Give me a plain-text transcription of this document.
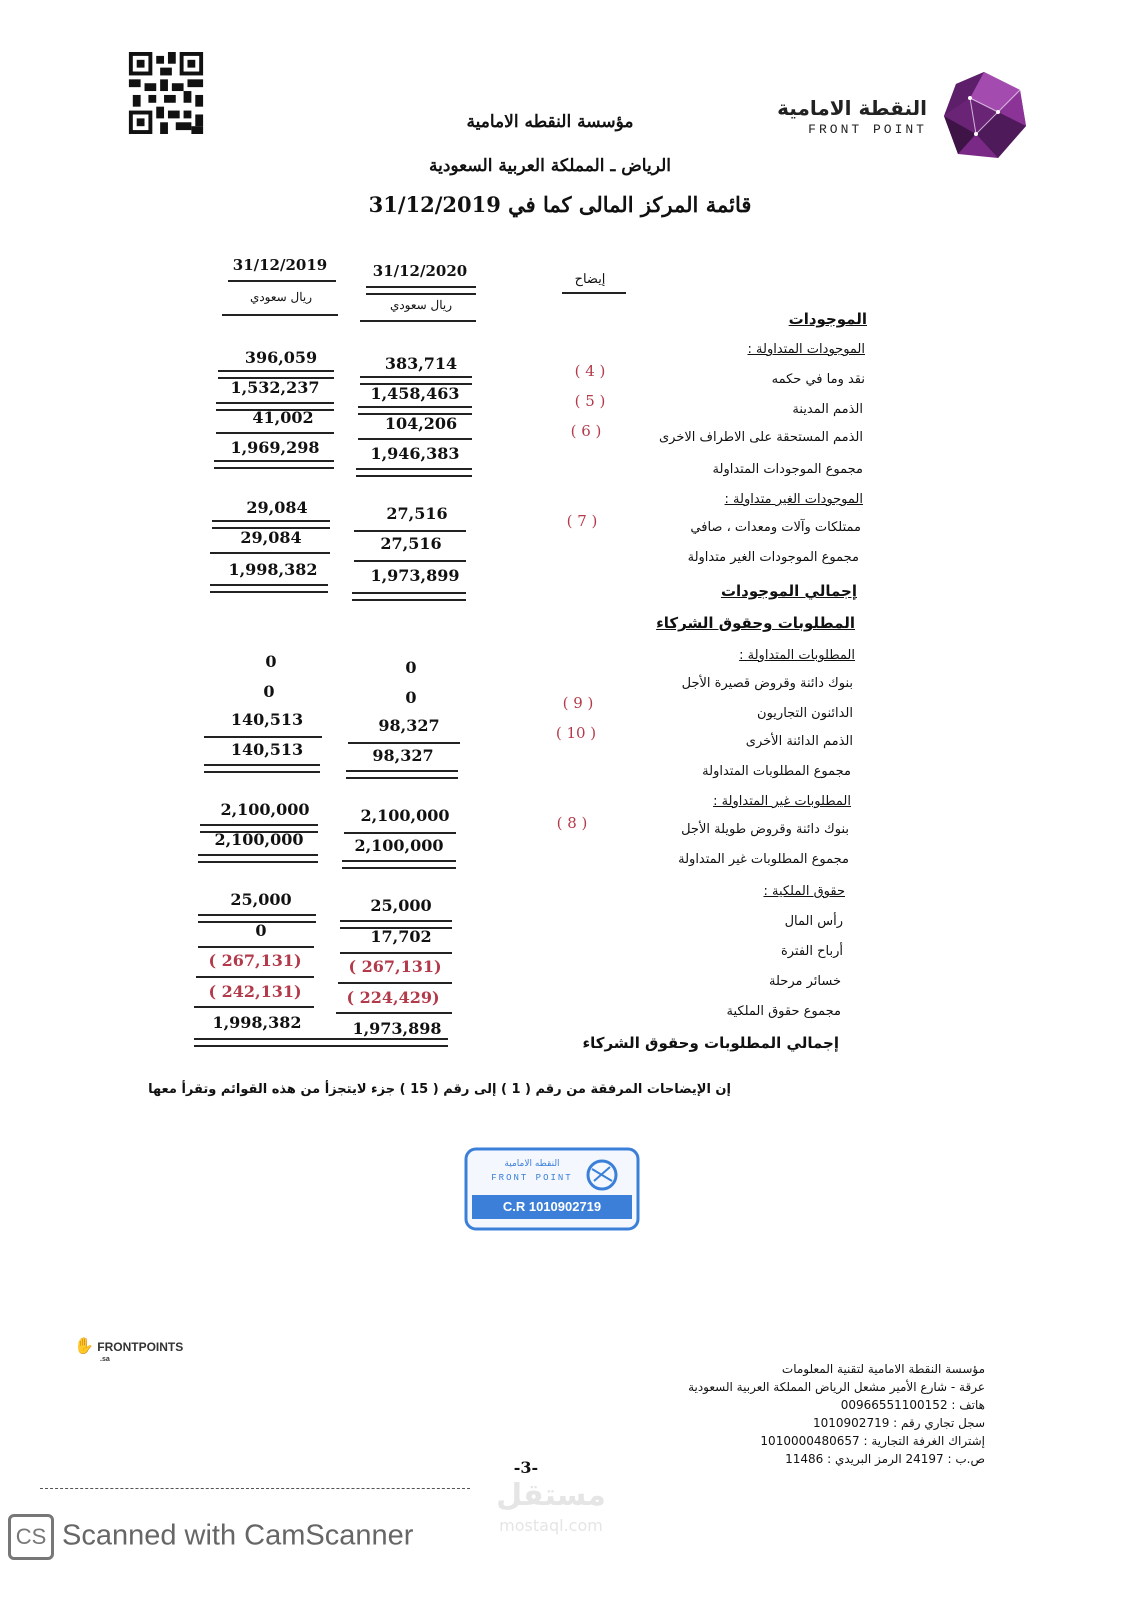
النقطة الامامية
FRONT POINT
مؤسسة النقطه الامامية
الرياض ـ المملكة العربية السعودية
قائمة المركز المالى كما في 31/12/2019
31/12/2019
ريال سعودي
31/12/2020
ريال سعودي
إيضاح
الموجودات
الموجودات المتداولة :
نقد وما في حكمه
( 4 )
383,714
396,059
الذمم المدينة
( 5 )
1,458,463
1,532,237
الذمم المستحقة على الاطراف الاخرى
( 6 )
104,206
41,002
مجموع الموجودات المتداولة
1,946,383
1,969,298
الموجودات الغير متداولة :
ممتلكات وآلات ومعدات ، صافي
( 7 )
27,516
29,084
مجموع الموجودات الغير متداولة
27,516
29,084
إجمالي الموجودات
1,973,899
1,998,382
المطلوبات وحقوق الشركاء
المطلوبات المتداولة :
بنوك دائنة وقروض قصيرة الأجل
0
0
الدائنون التجاريون
( 9 )
0
0
الذمم الدائنة الأخرى
( 10 )
98,327
140,513
مجموع المطلوبات المتداولة
98,327
140,513
المطلوبات غير المتداولة :
بنوك دائنة وقروض طويلة الأجل
( 8 )
2,100,000
2,100,000
مجموع المطلوبات غير المتداولة
2,100,000
2,100,000
حقوق الملكية :
رأس المال
25,000
25,000
أرباح الفترة
17,702
0
خسائر مرحلة
( 267,131)
( 267,131)
مجموع حقوق الملكية
( 224,429)
( 242,131)
إجمالي المطلوبات وحقوق الشركاء
1,973,898
1,998,382
إن الإيضاحات المرفقة من رقم ( 1 ) إلى رقم ( 15 ) جزء لايتجزأ من هذه القوائم وتقرأ معها
النقطه الامامية
FRONT POINT
C.R 1010902719
✋ FRONTPOINTS
.sa
مؤسسة النقطة الامامية لتقنية المعلومات
عرقة - شارع الأمير مشعل الرياض المملكة العربية السعودية
هاتف : 00966551100152
سجل تجاري رقم : 1010902719
إشتراك الغرفة التجارية : 1010000480657
ص.ب : 24197 الرمز البريدي : 11486
-3-
مستقل
mostaql.com
CS Scanned with CamScanner
